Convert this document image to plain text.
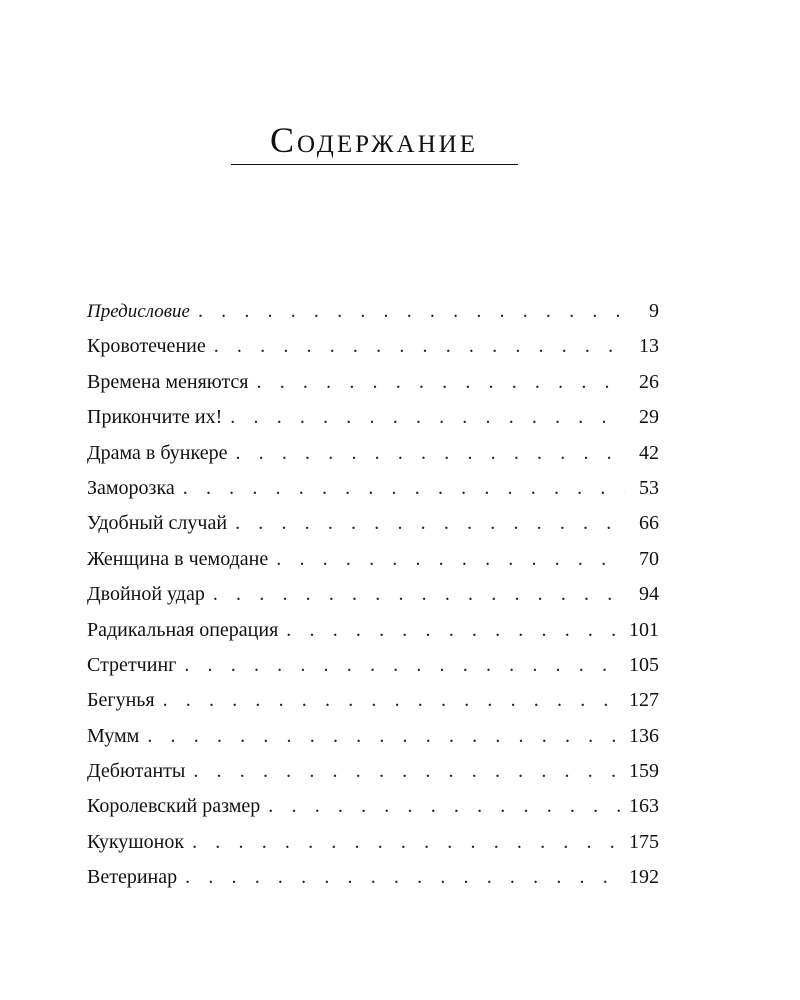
Содержание
Предисловие . . .	9
Кровотечение . . .	13
Времена меняются . . .	26
Прикончите их! . . .	29
Драма в бункере . . .	42
Заморозка . . .	53
Удобный случай . . .	66
Женщина в чемодане . . .	70
Двойной удар . . .	94
Радикальная операция . . .	101
Стретчинг . . .	105
Бегунья . . .	127
Мумм . . .	136
Дебютанты . . .	159
Королевский размер . . .	163
Кукушонок . . .	175
Ветеринар . . .	192
